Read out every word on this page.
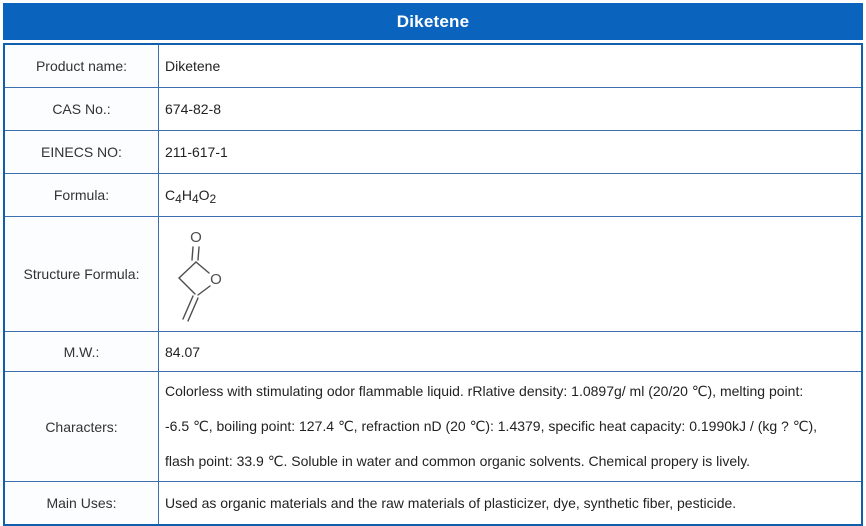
Diketene
Product name:	Diketene
CAS No.:	674-82-8
EINECS NO:	211-617-1
Formula:	$C_4H_4O_2$
Structure Formula:	O
O

M.W.:	84.07
Characters:	Colorless with stimulating odor flammable liquid. rRlative density: 1.0897g/ ml (20/20 ℃), melting point:
-6.5 ℃, boiling point: 127.4 ℃, refraction nD (20 ℃): 1.4379, specific heat capacity: 0.1990kJ / (kg ? ℃),
flash point: 33.9 ℃. Soluble in water and common organic solvents. Chemical propery is lively.

Main Uses:	Used as organic materials and the raw materials of plasticizer, dye, synthetic fiber, pesticide.
